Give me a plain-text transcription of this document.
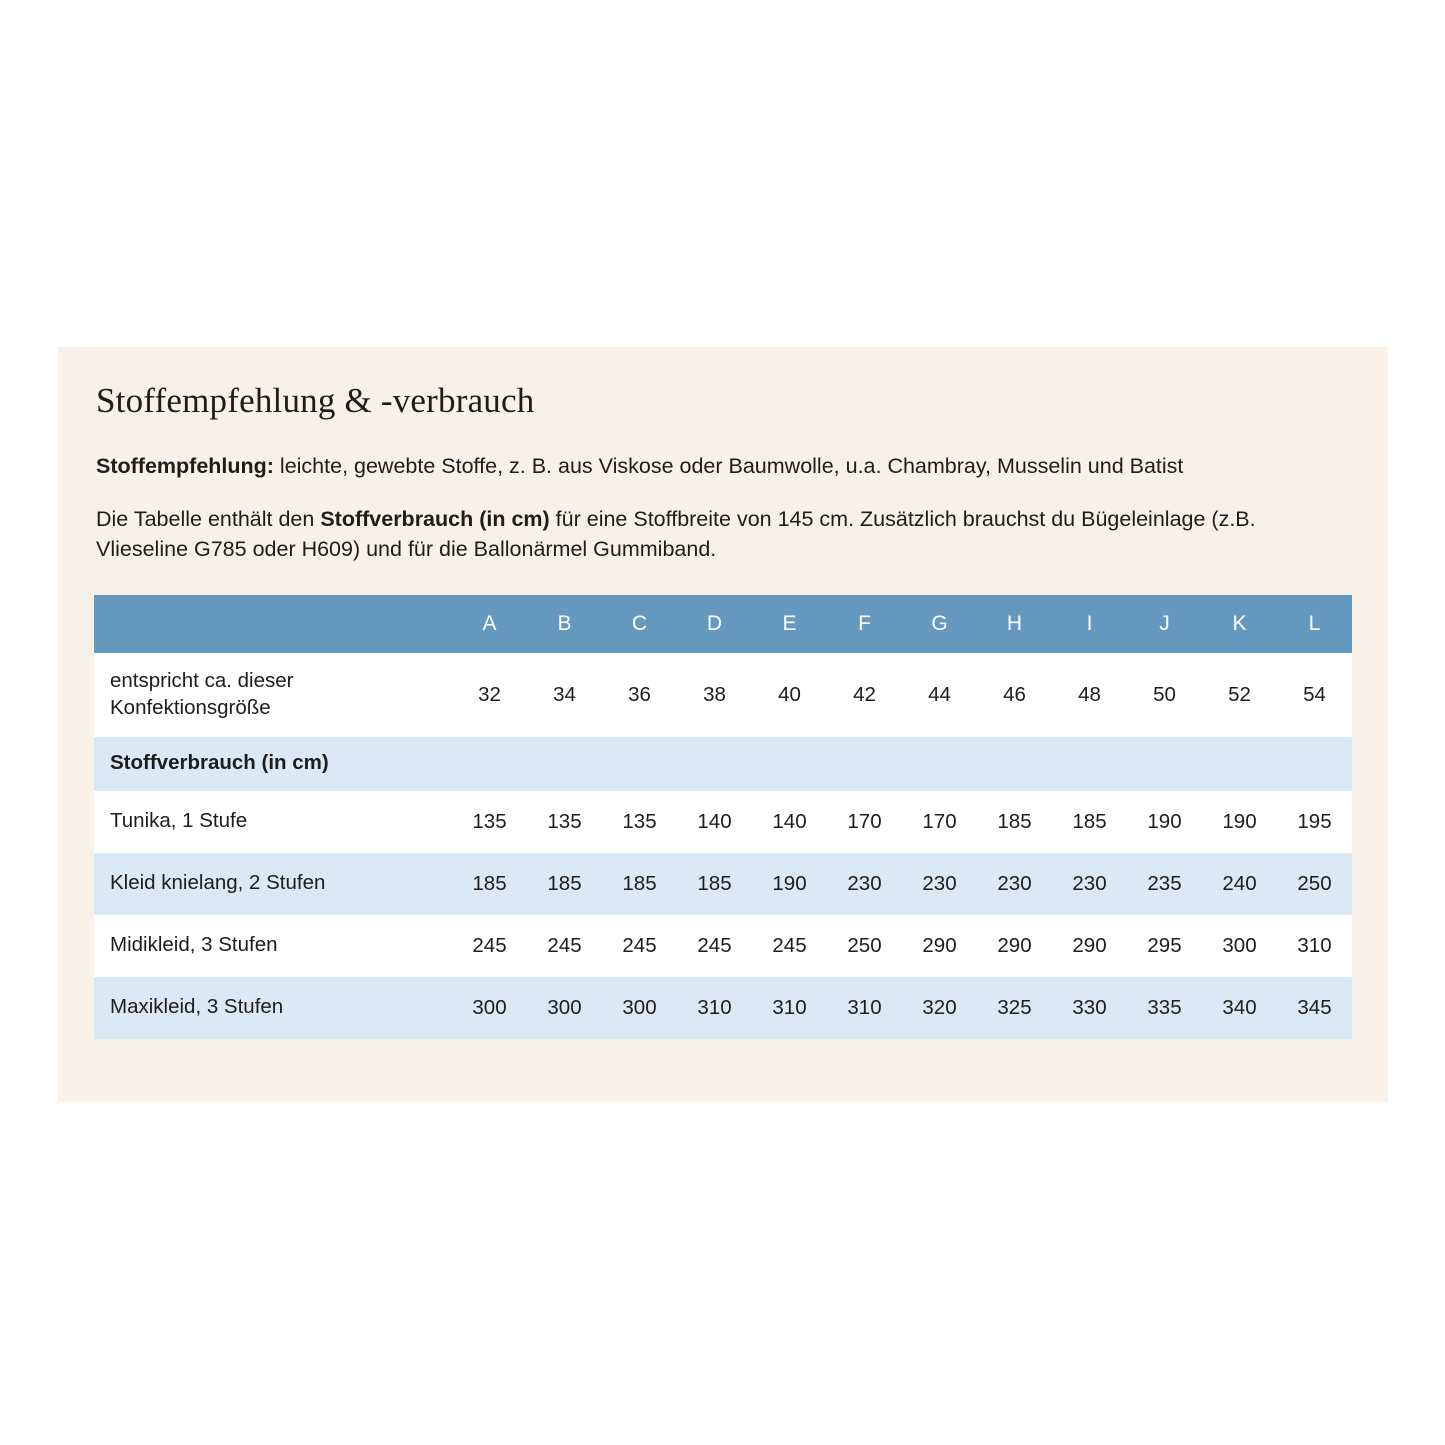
Stoffempfehlung & -verbrauch

Stoffempfehlung: leichte, gewebte Stoffe, z. B. aus Viskose oder Baumwolle, u.a. Chambray, Musselin und Batist

Die Tabelle enthält den Stoffverbrauch (in cm) für eine Stoffbreite von 145 cm. Zusätzlich brauchst du Bügeleinlage (z.B. Vlieseline G785 oder H609) und für die Ballonärmel Gummiband.

	A	B	C	D	E	F	G	H	I	J	K	L
entspricht ca. dieser Konfektionsgröße	32	34	36	38	40	42	44	46	48	50	52	54
Stoffverbrauch (in cm)												
Tunika, 1 Stufe	135	135	135	140	140	170	170	185	185	190	190	195
Kleid knielang, 2 Stufen	185	185	185	185	190	230	230	230	230	235	240	250
Midikleid, 3 Stufen	245	245	245	245	245	250	290	290	290	295	300	310
Maxikleid, 3 Stufen	300	300	300	310	310	310	320	325	330	335	340	345
